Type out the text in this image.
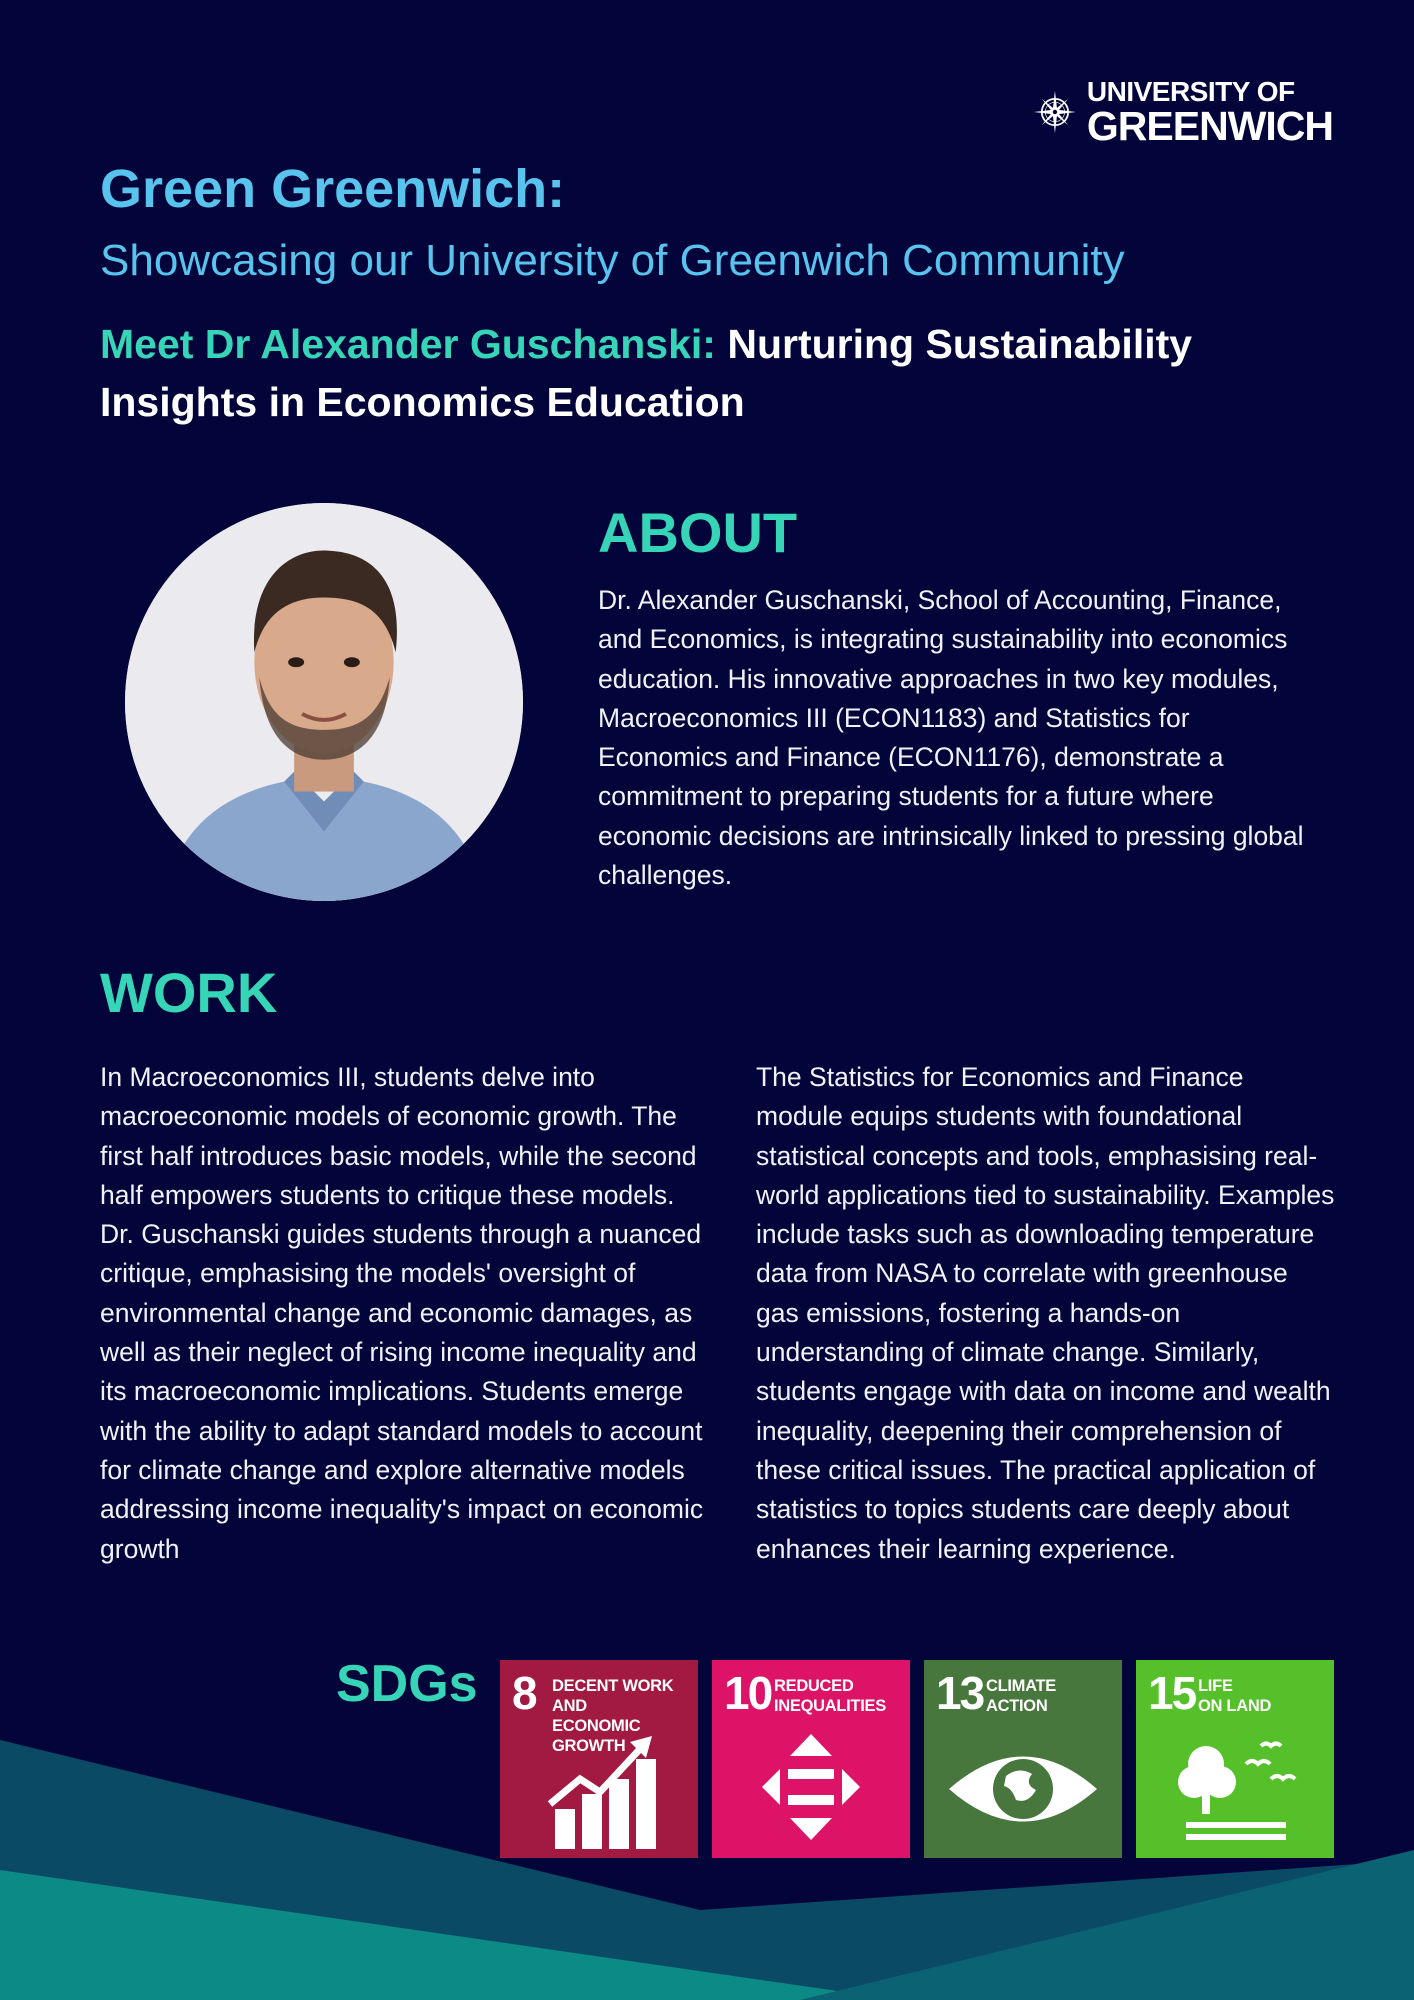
UNIVERSITY OF
GREENWICH
Green Greenwich:
Showcasing our University of Greenwich Community
Meet Dr Alexander Guschanski: Nurturing Sustainability Insights in Economics Education
ABOUT

Dr. Alexander Guschanski, School of Accounting, Finance, and Economics, is integrating sustainability into economics education. His innovative approaches in two key modules, Macroeconomics III (ECON1183) and Statistics for Economics and Finance (ECON1176), demonstrate a commitment to preparing students for a future where economic decisions are intrinsically linked to pressing global challenges.

WORK

In Macroeconomics III, students delve into macroeconomic models of economic growth. The first half introduces basic models, while the second half empowers students to critique these models. Dr. Guschanski guides students through a nuanced critique, emphasising the models' oversight of environmental change and economic damages, as well as their neglect of rising income inequality and its macroeconomic implications. Students emerge with the ability to adapt standard models to account for climate change and explore alternative models addressing income inequality's impact on economic growth

The Statistics for Economics and Finance module equips students with foundational statistical concepts and tools, emphasising real-world applications tied to sustainability. Examples include tasks such as downloading temperature data from NASA to correlate with greenhouse gas emissions, fostering a hands-on understanding of climate change. Similarly, students engage with data on income and wealth inequality, deepening their comprehension of these critical issues. The practical application of statistics to topics students care deeply about enhances their learning experience.

SDGs 8 DECENT WORK AND
ECONOMIC GROWTH
10 REDUCED
INEQUALITIES 13 CLIMATE
ACTION 15 LIFE
ON LAND
